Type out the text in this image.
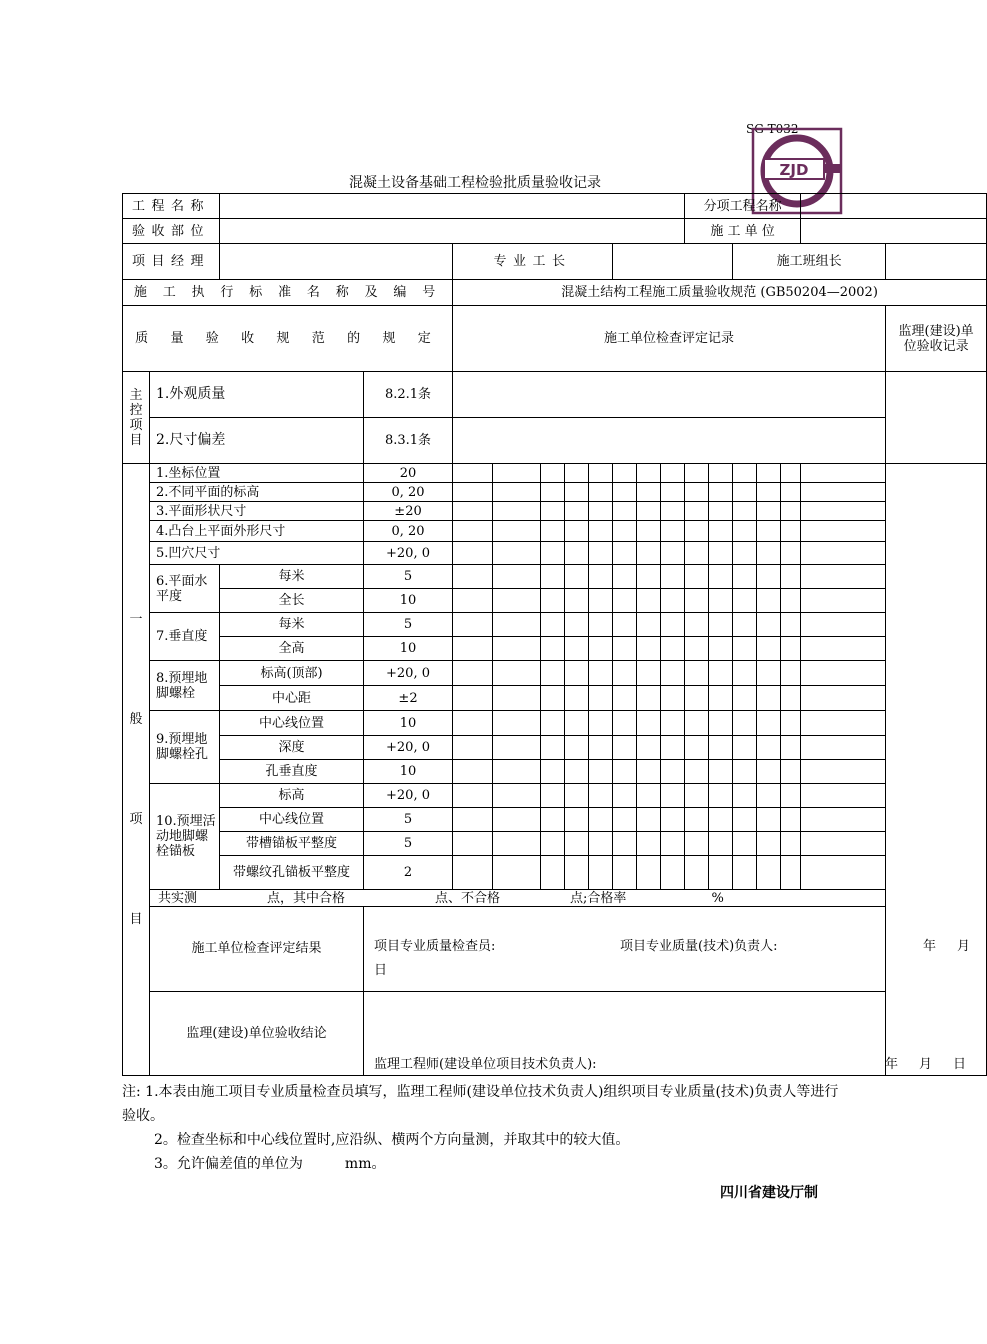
SG-T032
ZJD
混凝土设备基础工程检验批质量验收记录
工程名称												分项工程名称						
验收部位												施 工 单 位						
项目经理				专业工长										施工班组长				
施 工 执 行 标 准 名 称 及 编 号				混凝土结构工程施工质量验收规范 (GB50204—2002)														
质 量 验 收 规 范 的 规 定				施工单位检查评定记录														监理(建设)单位验收记录

主控项目	1.外观质量		8.2.1条															
	2.尺寸偏差		8.3.1条															

一
般
项
目	1.坐标位置		20															
	2.不同平面的标高		0, 20															
	3.平面形状尺寸		±20															
	4.凸台上平面外形尺寸		0, 20															
	5.凹穴尺寸		+20, 0															
	6.平面水平度	每米	5															
		全长	10															
	7.垂直度	每米	5															
		全高	10															
	8.预埋地脚螺栓	标高(顶部)	+20, 0															
		中心距	±2															
	9.预埋地脚螺栓孔	中心线位置	10															
		深度	+20, 0															
		孔垂直度	10															
	10.预埋活动地脚螺栓锚板	标高	+20, 0															
		中心线位置	5															
		带槽锚板平整度	5															
		带螺纹孔锚板平整度	2															
	共实测 点，其中合格 点、不合格 点;合格率 %																	
	施工单位检查评定结果		项目专业质量检查员: 项目专业质量(技术)负责人: 年 月
日															

	监理(建设)单位验收结论		监理工程师(建设单位项目技术负责人): 年 月 日															
注: 1.本表由施工项目专业质量检查员填写，监理工程师(建设单位技术负责人)组织项目专业质量(技术)负责人等进行验收。
2。检查坐标和中心线位置时,应沿纵、横两个方向量测，并取其中的较大值。
3。允许偏差值的单位为	mm。
四川省建设厅制
